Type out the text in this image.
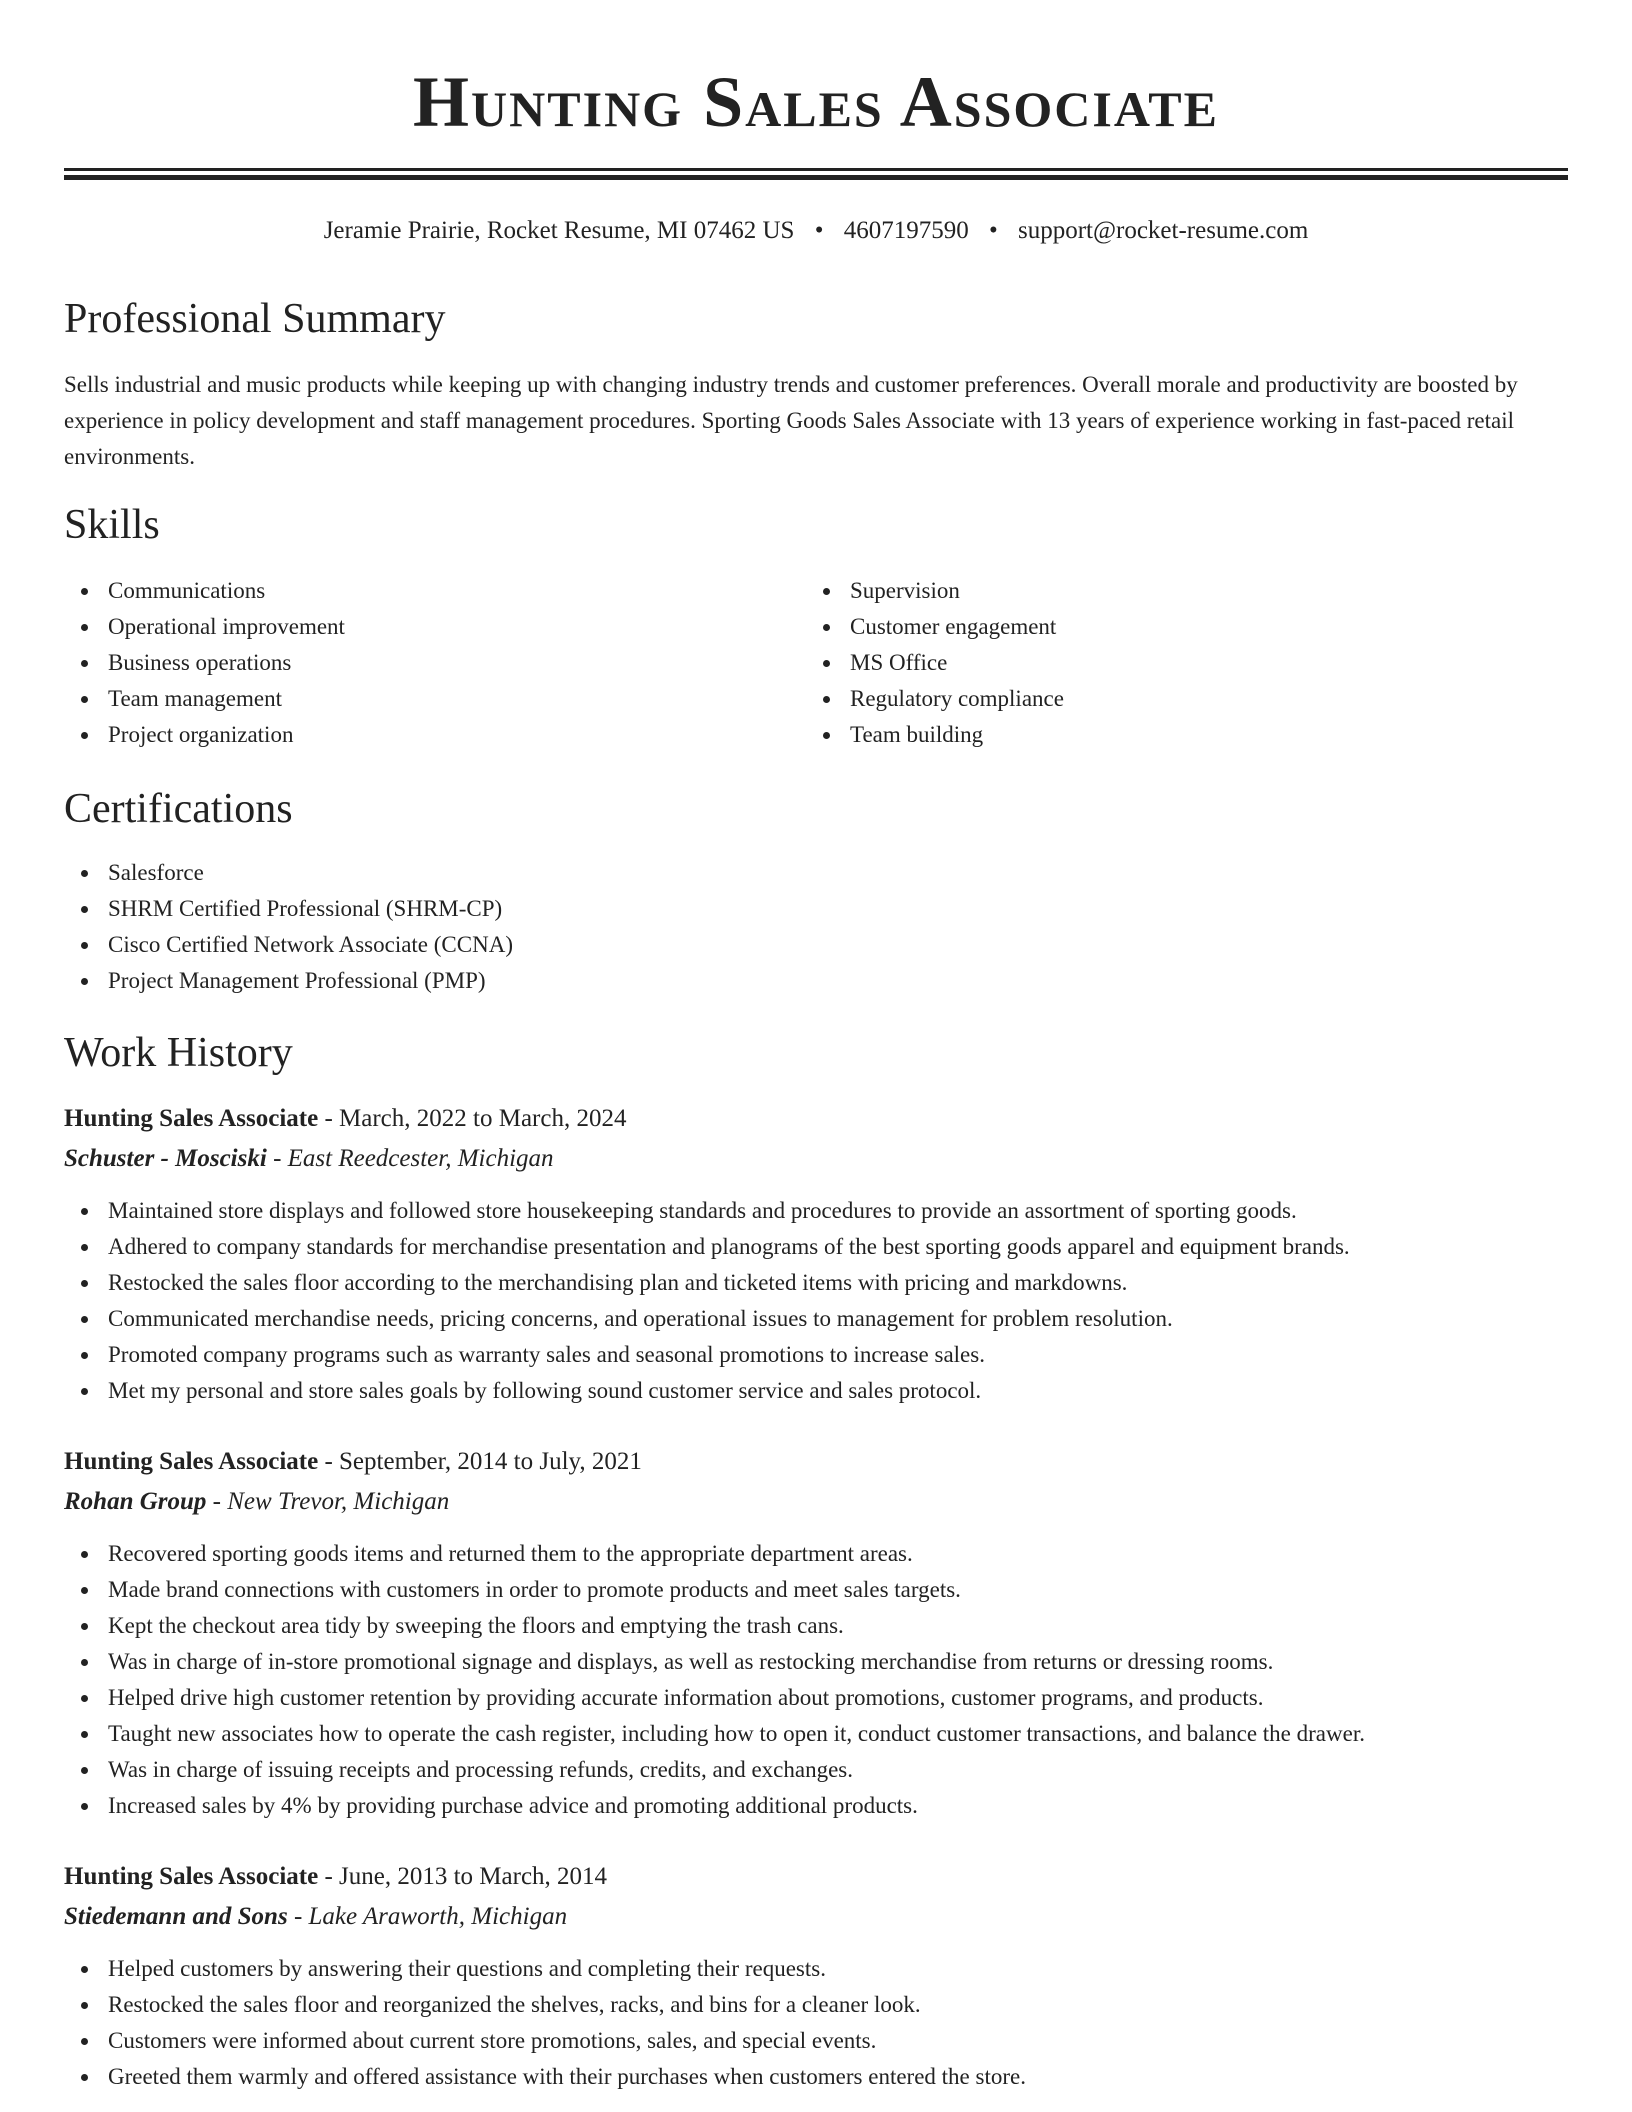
Hunting Sales Associate
Jeramie Prairie, Rocket Resume, MI 07462 US • 4607197590 • support@rocket-resume.com
Professional Summary

Sells industrial and music products while keeping up with changing industry trends and customer preferences. Overall morale and productivity are boosted by experience in policy development and staff management procedures. Sporting Goods Sales Associate with 13 years of experience working in fast-paced retail environments.

Skills
Communications
Operational improvement
Business operations
Team management
Project organization
Supervision
Customer engagement
MS Office
Regulatory compliance
Team building
Certifications
Salesforce
SHRM Certified Professional (SHRM-CP)
Cisco Certified Network Associate (CCNA)
Project Management Professional (PMP)
Work History
Hunting Sales Associate - March, 2022 to March, 2024
Schuster - Mosciski - East Reedcester, Michigan
Maintained store displays and followed store housekeeping standards and procedures to provide an assortment of sporting goods.
Adhered to company standards for merchandise presentation and planograms of the best sporting goods apparel and equipment brands.
Restocked the sales floor according to the merchandising plan and ticketed items with pricing and markdowns.
Communicated merchandise needs, pricing concerns, and operational issues to management for problem resolution.
Promoted company programs such as warranty sales and seasonal promotions to increase sales.
Met my personal and store sales goals by following sound customer service and sales protocol.
Hunting Sales Associate - September, 2014 to July, 2021
Rohan Group - New Trevor, Michigan
Recovered sporting goods items and returned them to the appropriate department areas.
Made brand connections with customers in order to promote products and meet sales targets.
Kept the checkout area tidy by sweeping the floors and emptying the trash cans.
Was in charge of in-store promotional signage and displays, as well as restocking merchandise from returns or dressing rooms.
Helped drive high customer retention by providing accurate information about promotions, customer programs, and products.
Taught new associates how to operate the cash register, including how to open it, conduct customer transactions, and balance the drawer.
Was in charge of issuing receipts and processing refunds, credits, and exchanges.
Increased sales by 4% by providing purchase advice and promoting additional products.
Hunting Sales Associate - June, 2013 to March, 2014
Stiedemann and Sons - Lake Araworth, Michigan
Helped customers by answering their questions and completing their requests.
Restocked the sales floor and reorganized the shelves, racks, and bins for a cleaner look.
Customers were informed about current store promotions, sales, and special events.
Greeted them warmly and offered assistance with their purchases when customers entered the store.
